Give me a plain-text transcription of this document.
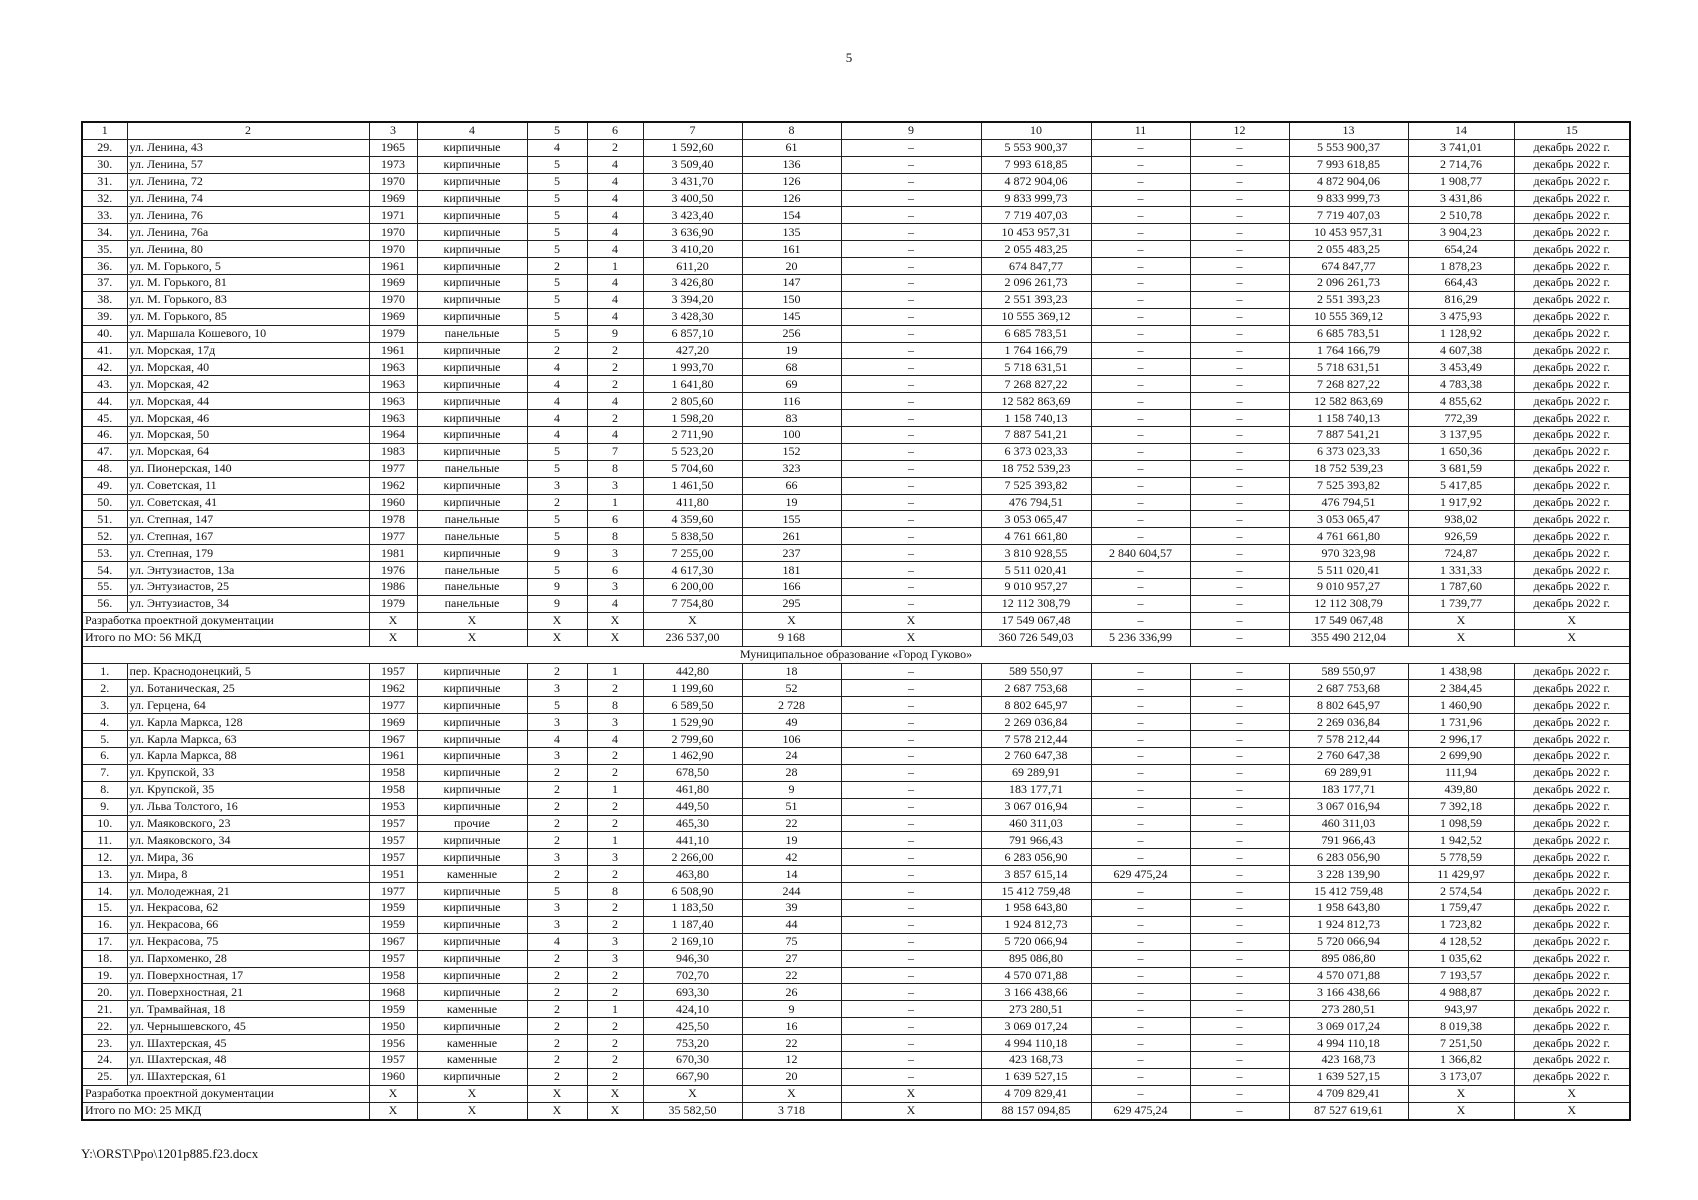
5
1	2	3	4	5	6	7	8	9	10	11	12	13	14	15
29.	ул. Ленина, 43	1965	кирпичные	4	2	1 592,60	61	–	5 553 900,37	–	–	5 553 900,37	3 741,01	декабрь 2022 г.
30.	ул. Ленина, 57	1973	кирпичные	5	4	3 509,40	136	–	7 993 618,85	–	–	7 993 618,85	2 714,76	декабрь 2022 г.
31.	ул. Ленина, 72	1970	кирпичные	5	4	3 431,70	126	–	4 872 904,06	–	–	4 872 904,06	1 908,77	декабрь 2022 г.
32.	ул. Ленина, 74	1969	кирпичные	5	4	3 400,50	126	–	9 833 999,73	–	–	9 833 999,73	3 431,86	декабрь 2022 г.
33.	ул. Ленина, 76	1971	кирпичные	5	4	3 423,40	154	–	7 719 407,03	–	–	7 719 407,03	2 510,78	декабрь 2022 г.
34.	ул. Ленина, 76а	1970	кирпичные	5	4	3 636,90	135	–	10 453 957,31	–	–	10 453 957,31	3 904,23	декабрь 2022 г.
35.	ул. Ленина, 80	1970	кирпичные	5	4	3 410,20	161	–	2 055 483,25	–	–	2 055 483,25	654,24	декабрь 2022 г.
36.	ул. М. Горького, 5	1961	кирпичные	2	1	611,20	20	–	674 847,77	–	–	674 847,77	1 878,23	декабрь 2022 г.
37.	ул. М. Горького, 81	1969	кирпичные	5	4	3 426,80	147	–	2 096 261,73	–	–	2 096 261,73	664,43	декабрь 2022 г.
38.	ул. М. Горького, 83	1970	кирпичные	5	4	3 394,20	150	–	2 551 393,23	–	–	2 551 393,23	816,29	декабрь 2022 г.
39.	ул. М. Горького, 85	1969	кирпичные	5	4	3 428,30	145	–	10 555 369,12	–	–	10 555 369,12	3 475,93	декабрь 2022 г.
40.	ул. Маршала Кошевого, 10	1979	панельные	5	9	6 857,10	256	–	6 685 783,51	–	–	6 685 783,51	1 128,92	декабрь 2022 г.
41.	ул. Морская, 17д	1961	кирпичные	2	2	427,20	19	–	1 764 166,79	–	–	1 764 166,79	4 607,38	декабрь 2022 г.
42.	ул. Морская, 40	1963	кирпичные	4	2	1 993,70	68	–	5 718 631,51	–	–	5 718 631,51	3 453,49	декабрь 2022 г.
43.	ул. Морская, 42	1963	кирпичные	4	2	1 641,80	69	–	7 268 827,22	–	–	7 268 827,22	4 783,38	декабрь 2022 г.
44.	ул. Морская, 44	1963	кирпичные	4	4	2 805,60	116	–	12 582 863,69	–	–	12 582 863,69	4 855,62	декабрь 2022 г.
45.	ул. Морская, 46	1963	кирпичные	4	2	1 598,20	83	–	1 158 740,13	–	–	1 158 740,13	772,39	декабрь 2022 г.
46.	ул. Морская, 50	1964	кирпичные	4	4	2 711,90	100	–	7 887 541,21	–	–	7 887 541,21	3 137,95	декабрь 2022 г.
47.	ул. Морская, 64	1983	кирпичные	5	7	5 523,20	152	–	6 373 023,33	–	–	6 373 023,33	1 650,36	декабрь 2022 г.
48.	ул. Пионерская, 140	1977	панельные	5	8	5 704,60	323	–	18 752 539,23	–	–	18 752 539,23	3 681,59	декабрь 2022 г.
49.	ул. Советская, 11	1962	кирпичные	3	3	1 461,50	66	–	7 525 393,82	–	–	7 525 393,82	5 417,85	декабрь 2022 г.
50.	ул. Советская, 41	1960	кирпичные	2	1	411,80	19	–	476 794,51	–	–	476 794,51	1 917,92	декабрь 2022 г.
51.	ул. Степная, 147	1978	панельные	5	6	4 359,60	155	–	3 053 065,47	–	–	3 053 065,47	938,02	декабрь 2022 г.
52.	ул. Степная, 167	1977	панельные	5	8	5 838,50	261	–	4 761 661,80	–	–	4 761 661,80	926,59	декабрь 2022 г.
53.	ул. Степная, 179	1981	кирпичные	9	3	7 255,00	237	–	3 810 928,55	2 840 604,57	–	970 323,98	724,87	декабрь 2022 г.
54.	ул. Энтузиастов, 13а	1976	панельные	5	6	4 617,30	181	–	5 511 020,41	–	–	5 511 020,41	1 331,33	декабрь 2022 г.
55.	ул. Энтузиастов, 25	1986	панельные	9	3	6 200,00	166	–	9 010 957,27	–	–	9 010 957,27	1 787,60	декабрь 2022 г.
56.	ул. Энтузиастов, 34	1979	панельные	9	4	7 754,80	295	–	12 112 308,79	–	–	12 112 308,79	1 739,77	декабрь 2022 г.
Разработка проектной документации		X	X	X	X	X	X	X	17 549 067,48	–	–	17 549 067,48	X	X
Итого по МО: 56 МКД		X	X	X	X	236 537,00	9 168	X	360 726 549,03	5 236 336,99	–	355 490 212,04	X	X
Муниципальное образование «Город Гуково»														
1.	пер. Краснодонецкий, 5	1957	кирпичные	2	1	442,80	18	–	589 550,97	–	–	589 550,97	1 438,98	декабрь 2022 г.
2.	ул. Ботаническая, 25	1962	кирпичные	3	2	1 199,60	52	–	2 687 753,68	–	–	2 687 753,68	2 384,45	декабрь 2022 г.
3.	ул. Герцена, 64	1977	кирпичные	5	8	6 589,50	2 728	–	8 802 645,97	–	–	8 802 645,97	1 460,90	декабрь 2022 г.
4.	ул. Карла Маркса, 128	1969	кирпичные	3	3	1 529,90	49	–	2 269 036,84	–	–	2 269 036,84	1 731,96	декабрь 2022 г.
5.	ул. Карла Маркса, 63	1967	кирпичные	4	4	2 799,60	106	–	7 578 212,44	–	–	7 578 212,44	2 996,17	декабрь 2022 г.
6.	ул. Карла Маркса, 88	1961	кирпичные	3	2	1 462,90	24	–	2 760 647,38	–	–	2 760 647,38	2 699,90	декабрь 2022 г.
7.	ул. Крупской, 33	1958	кирпичные	2	2	678,50	28	–	69 289,91	–	–	69 289,91	111,94	декабрь 2022 г.
8.	ул. Крупской, 35	1958	кирпичные	2	1	461,80	9	–	183 177,71	–	–	183 177,71	439,80	декабрь 2022 г.
9.	ул. Льва Толстого, 16	1953	кирпичные	2	2	449,50	51	–	3 067 016,94	–	–	3 067 016,94	7 392,18	декабрь 2022 г.
10.	ул. Маяковского, 23	1957	прочие	2	2	465,30	22	–	460 311,03	–	–	460 311,03	1 098,59	декабрь 2022 г.
11.	ул. Маяковского, 34	1957	кирпичные	2	1	441,10	19	–	791 966,43	–	–	791 966,43	1 942,52	декабрь 2022 г.
12.	ул. Мира, 36	1957	кирпичные	3	3	2 266,00	42	–	6 283 056,90	–	–	6 283 056,90	5 778,59	декабрь 2022 г.
13.	ул. Мира, 8	1951	каменные	2	2	463,80	14	–	3 857 615,14	629 475,24	–	3 228 139,90	11 429,97	декабрь 2022 г.
14.	ул. Молодежная, 21	1977	кирпичные	5	8	6 508,90	244	–	15 412 759,48	–	–	15 412 759,48	2 574,54	декабрь 2022 г.
15.	ул. Некрасова, 62	1959	кирпичные	3	2	1 183,50	39	–	1 958 643,80	–	–	1 958 643,80	1 759,47	декабрь 2022 г.
16.	ул. Некрасова, 66	1959	кирпичные	3	2	1 187,40	44	–	1 924 812,73	–	–	1 924 812,73	1 723,82	декабрь 2022 г.
17.	ул. Некрасова, 75	1967	кирпичные	4	3	2 169,10	75	–	5 720 066,94	–	–	5 720 066,94	4 128,52	декабрь 2022 г.
18.	ул. Пархоменко, 28	1957	кирпичные	2	3	946,30	27	–	895 086,80	–	–	895 086,80	1 035,62	декабрь 2022 г.
19.	ул. Поверхностная, 17	1958	кирпичные	2	2	702,70	22	–	4 570 071,88	–	–	4 570 071,88	7 193,57	декабрь 2022 г.
20.	ул. Поверхностная, 21	1968	кирпичные	2	2	693,30	26	–	3 166 438,66	–	–	3 166 438,66	4 988,87	декабрь 2022 г.
21.	ул. Трамвайная, 18	1959	каменные	2	1	424,10	9	–	273 280,51	–	–	273 280,51	943,97	декабрь 2022 г.
22.	ул. Чернышевского, 45	1950	кирпичные	2	2	425,50	16	–	3 069 017,24	–	–	3 069 017,24	8 019,38	декабрь 2022 г.
23.	ул. Шахтерская, 45	1956	каменные	2	2	753,20	22	–	4 994 110,18	–	–	4 994 110,18	7 251,50	декабрь 2022 г.
24.	ул. Шахтерская, 48	1957	каменные	2	2	670,30	12	–	423 168,73	–	–	423 168,73	1 366,82	декабрь 2022 г.
25.	ул. Шахтерская, 61	1960	кирпичные	2	2	667,90	20	–	1 639 527,15	–	–	1 639 527,15	3 173,07	декабрь 2022 г.
Разработка проектной документации		X	X	X	X	X	X	X	4 709 829,41	–	–	4 709 829,41	X	X
Итого по МО: 25 МКД		X	X	X	X	35 582,50	3 718	X	88 157 094,85	629 475,24	–	87 527 619,61	X	X
Y:\ORST\Ppo\1201p885.f23.docx
